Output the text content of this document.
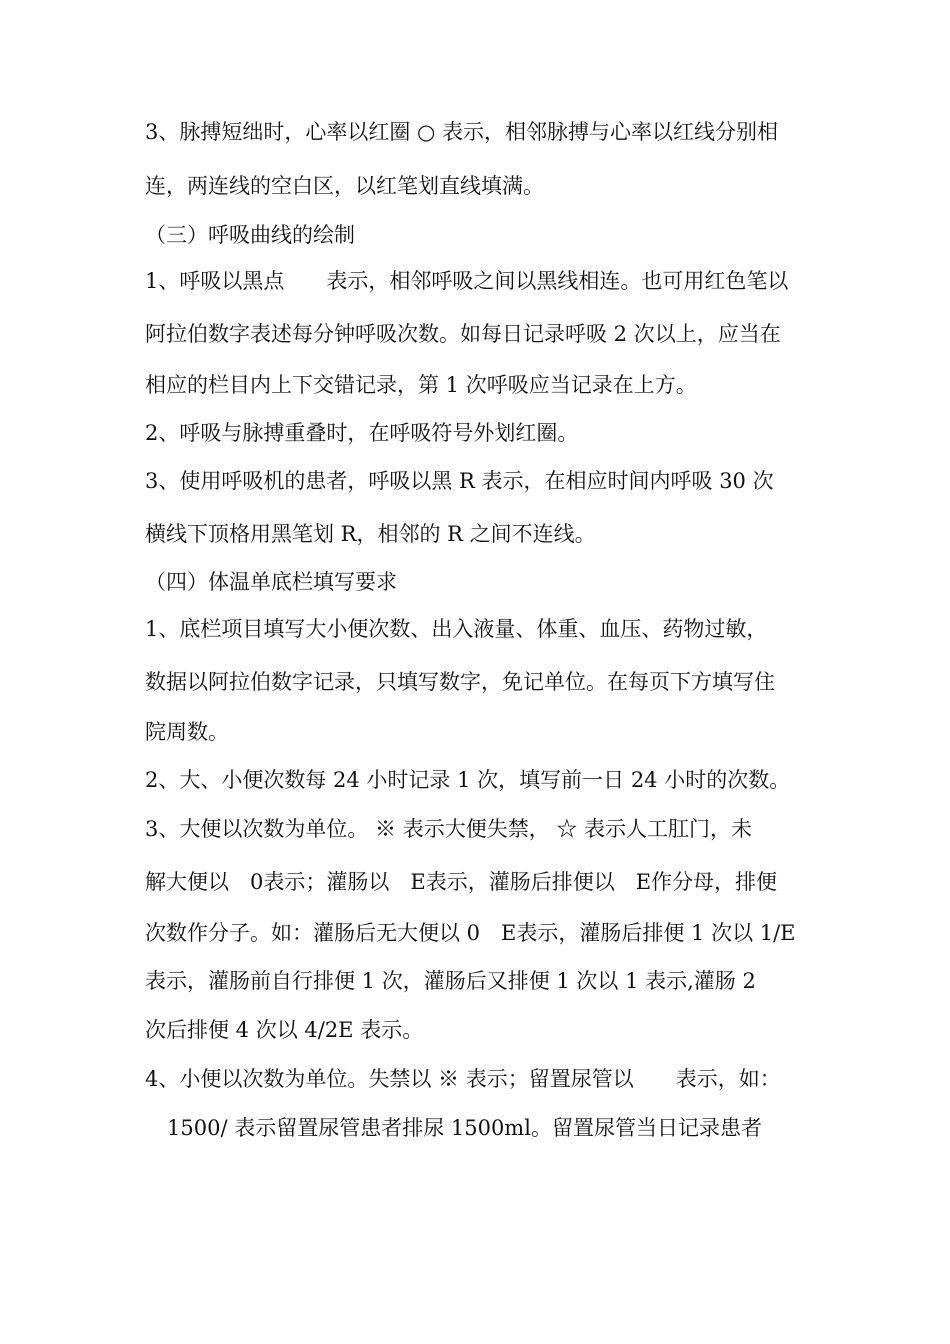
3、脉搏短绌时，心率以红圈 ○ 表示，相邻脉搏与心率以红线分别相
连，两连线的空白区，以红笔划直线填满。
（三）呼吸曲线的绘制
1、呼吸以黑点　　表示，相邻呼吸之间以黑线相连。也可用红色笔以
阿拉伯数字表述每分钟呼吸次数。如每日记录呼吸 2 次以上，应当在
相应的栏目内上下交错记录，第 1 次呼吸应当记录在上方。
2、呼吸与脉搏重叠时，在呼吸符号外划红圈。
3、使用呼吸机的患者，呼吸以黑 R 表示，在相应时间内呼吸 30 次
横线下顶格用黑笔划 R，相邻的 R 之间不连线。
（四）体温单底栏填写要求
1、底栏项目填写大小便次数、出入液量、体重、血压、药物过敏，
数据以阿拉伯数字记录，只填写数字，免记单位。在每页下方填写住
院周数。
2、大、小便次数每 24 小时记录 1 次，填写前一日 24 小时的次数。
3、大便以次数为单位。 ※ 表示大便失禁， ☆ 表示人工肛门，未
解大便以　0表示；灌肠以　E表示，灌肠后排便以　E作分母，排便
次数作分子。如：灌肠后无大便以 0　E表示，灌肠后排便 1 次以 1/E
表示，灌肠前自行排便 1 次，灌肠后又排便 1 次以 1 表示,灌肠 2
次后排便 4 次以 4/2E 表示。
4、小便以次数为单位。失禁以 ※ 表示；留置尿管以　　表示，如：
1500/ 表示留置尿管患者排尿 1500ml。留置尿管当日记录患者
